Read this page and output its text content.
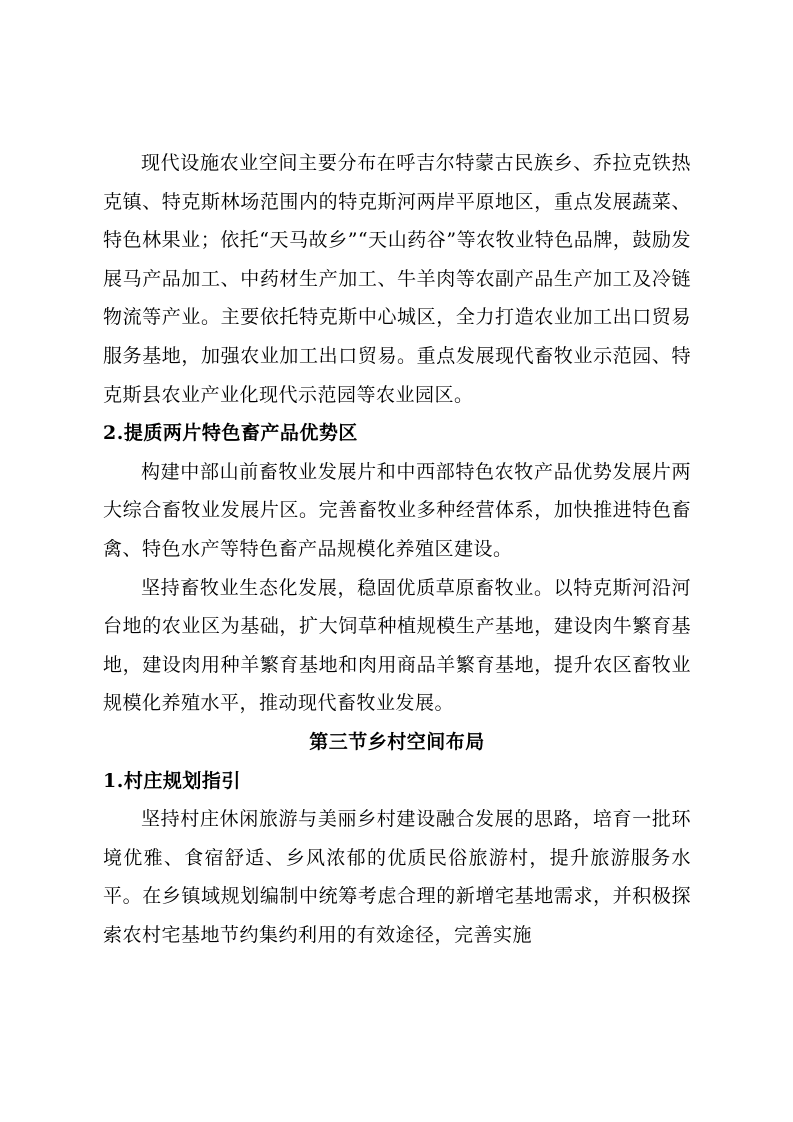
现代设施农业空间主要分布在呼吉尔特蒙古民族乡、乔拉克铁热克镇、特克斯林场范围内的特克斯河两岸平原地区，重点发展蔬菜、特色林果业；依托“天马故乡”“天山药谷”等农牧业特色品牌，鼓励发展马产品加工、中药材生产加工、牛羊肉等农副产品生产加工及冷链物流等产业。主要依托特克斯中心城区，全力打造农业加工出口贸易服务基地，加强农业加工出口贸易。重点发展现代畜牧业示范园、特克斯县农业产业化现代示范园等农业园区。

2.提质两片特色畜产品优势区

构建中部山前畜牧业发展片和中西部特色农牧产品优势发展片两大综合畜牧业发展片区。完善畜牧业多种经营体系，加快推进特色畜禽、特色水产等特色畜产品规模化养殖区建设。

坚持畜牧业生态化发展，稳固优质草原畜牧业。以特克斯河沿河台地的农业区为基础，扩大饲草种植规模生产基地，建设肉牛繁育基地，建设肉用种羊繁育基地和肉用商品羊繁育基地，提升农区畜牧业规模化养殖水平，推动现代畜牧业发展。

第三节乡村空间布局

1.村庄规划指引

坚持村庄休闲旅游与美丽乡村建设融合发展的思路，培育一批环境优雅、食宿舒适、乡风浓郁的优质民俗旅游村，提升旅游服务水平。在乡镇域规划编制中统筹考虑合理的新增宅基地需求，并积极探索农村宅基地节约集约利用的有效途径，完善实施
